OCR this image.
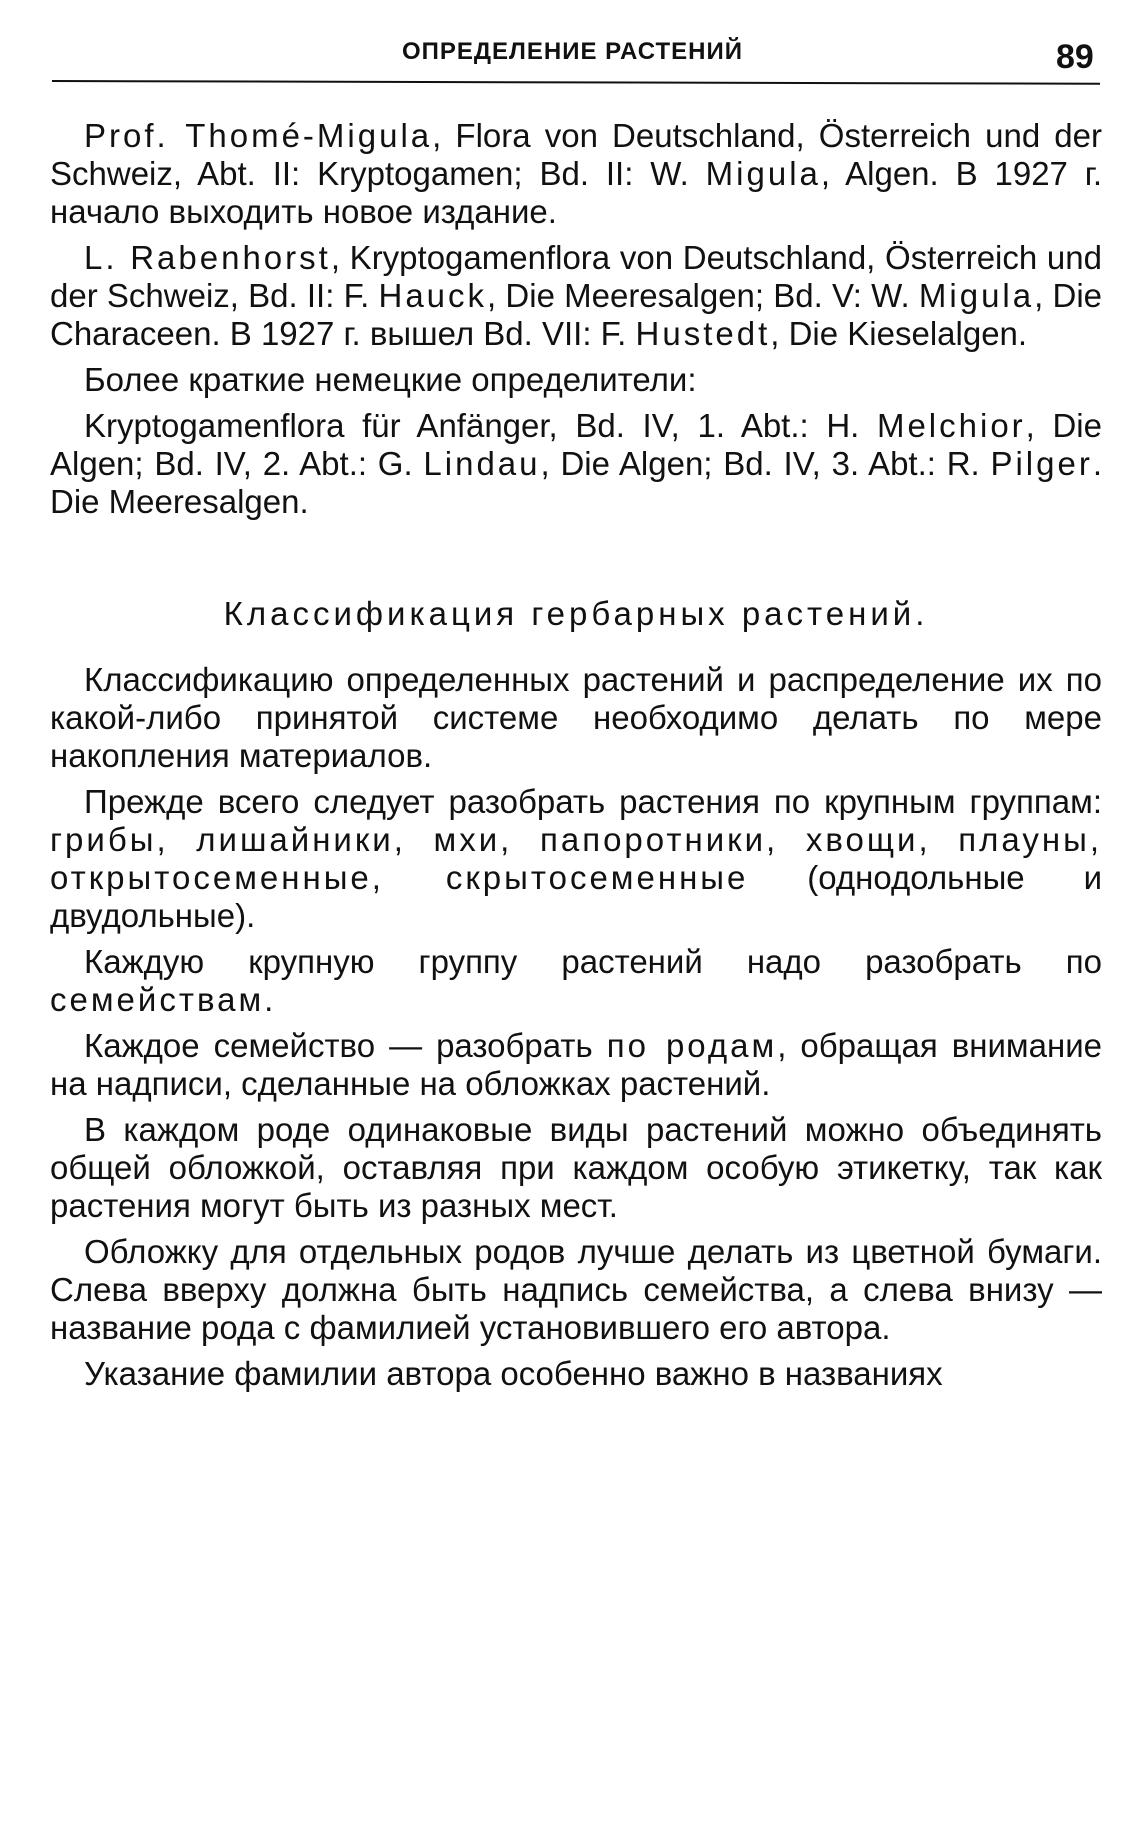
ОПРЕДЕЛЕНИЕ РАСТЕНИЙ	89

Prof. Thomé-Migula, Flora von Deutschland, Österreich und der Schweiz, Abt. II: Kryptogamen; Bd. II: W. Migula, Algen. В 1927 г. начало выходить новое издание.

L. Rabenhorst, Kryptogamenflora von Deutschland, Österreich und der Schweiz, Bd. II: F. Hauck, Die Meeresalgen; Bd. V: W. Migula, Die Characeen. В 1927 г. вышел Bd. VII: F. Hustedt, Die Kieselalgen.

Более краткие немецкие определители:

Kryptogamenflora für Anfänger, Bd. IV, 1. Abt.: H. Melchior, Die Algen; Bd. IV, 2. Abt.: G. Lindau, Die Algen; Bd. IV, 3. Abt.: R. Pilger. Die Meeresalgen.

Классификация гербарных растений.

Классификацию определенных растений и распределение их по какой-либо принятой системе необходимо делать по мере накопления материалов.

Прежде всего следует разобрать растения по крупным группам: грибы, лишайники, мхи, папоротники, хвощи, плауны, открытосеменные, скрытосеменные (однодольные и двудольные).

Каждую крупную группу растений надо разобрать по семействам.

Каждое семейство — разобрать по родам, обращая внимание на надписи, сделанные на обложках растений.

В каждом роде одинаковые виды растений можно объединять общей обложкой, оставляя при каждом особую этикетку, так как растения могут быть из разных мест.

Обложку для отдельных родов лучше делать из цветной бумаги. Слева вверху должна быть надпись семейства, а слева внизу — название рода с фамилией установившего его автора.

Указание фамилии автора особенно важно в названиях
